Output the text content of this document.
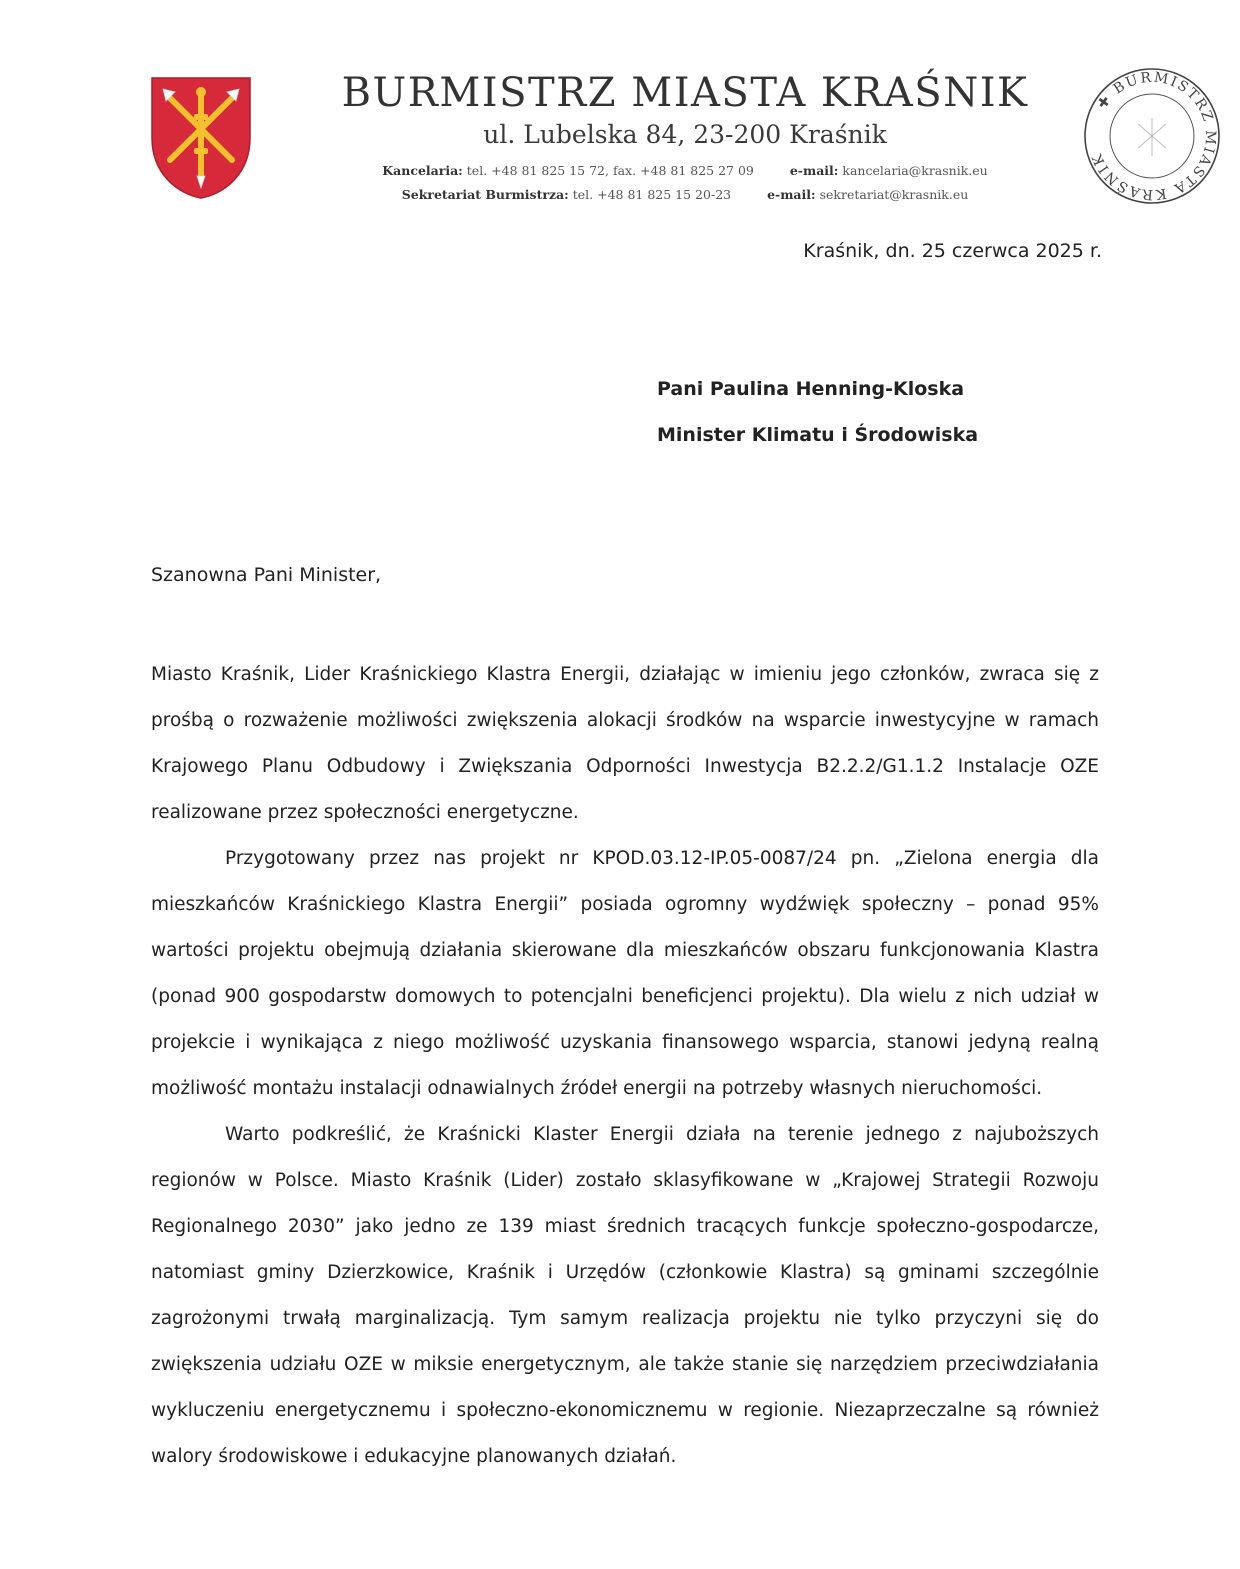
BURMISTRZ MIASTA KRAŚNIK
ul. Lubelska 84, 23-200 Kraśnik
Kancelaria: tel. +48 81 825 15 72, fax. +48 81 825 27 09	e-mail: kancelaria@krasnik.eu
Sekretariat Burmistrza: tel. +48 81 825 15 20-23	e-mail: sekretariat@krasnik.eu
✚ BURMISTRZ MIASTA KRAŚNIK
Kraśnik, dn. 25 czerwca 2025 r.
Pani Paulina Henning-Kloska
Minister Klimatu i Środowiska
Szanowna Pani Minister,

Miasto Kraśnik, Lider Kraśnickiego Klastra Energii, działając w imieniu jego członków, zwraca się z prośbą o rozważenie możliwości zwiększenia alokacji środków na wsparcie inwestycyjne w ramach Krajowego Planu Odbudowy i Zwiększania Odporności Inwestycja B2.2.2/G1.1.2 Instalacje OZE realizowane przez społeczności energetyczne.

Przygotowany przez nas projekt nr KPOD.03.12-IP.05-0087/24 pn. „Zielona energia dla mieszkańców Kraśnickiego Klastra Energii” posiada ogromny wydźwięk społeczny – ponad 95% wartości projektu obejmują działania skierowane dla mieszkańców obszaru funkcjonowania Klastra (ponad 900 gospodarstw domowych to potencjalni beneficjenci projektu). Dla wielu z nich udział w projekcie i wynikająca z niego możliwość uzyskania finansowego wsparcia, stanowi jedyną realną możliwość montażu instalacji odnawialnych źródeł energii na potrzeby własnych nieruchomości.

Warto podkreślić, że Kraśnicki Klaster Energii działa na terenie jednego z najuboższych regionów w Polsce. Miasto Kraśnik (Lider) zostało sklasyfikowane w „Krajowej Strategii Rozwoju Regionalnego 2030” jako jedno ze 139 miast średnich tracących funkcje społeczno-gospodarcze, natomiast gminy Dzierzkowice, Kraśnik i Urzędów (członkowie Klastra) są gminami szczególnie zagrożonymi trwałą marginalizacją. Tym samym realizacja projektu nie tylko przyczyni się do zwiększenia udziału OZE w miksie energetycznym, ale także stanie się narzędziem przeciwdziałania wykluczeniu energetycznemu i społeczno-ekonomicznemu w regionie. Niezaprzeczalne są również walory środowiskowe i edukacyjne planowanych działań.
